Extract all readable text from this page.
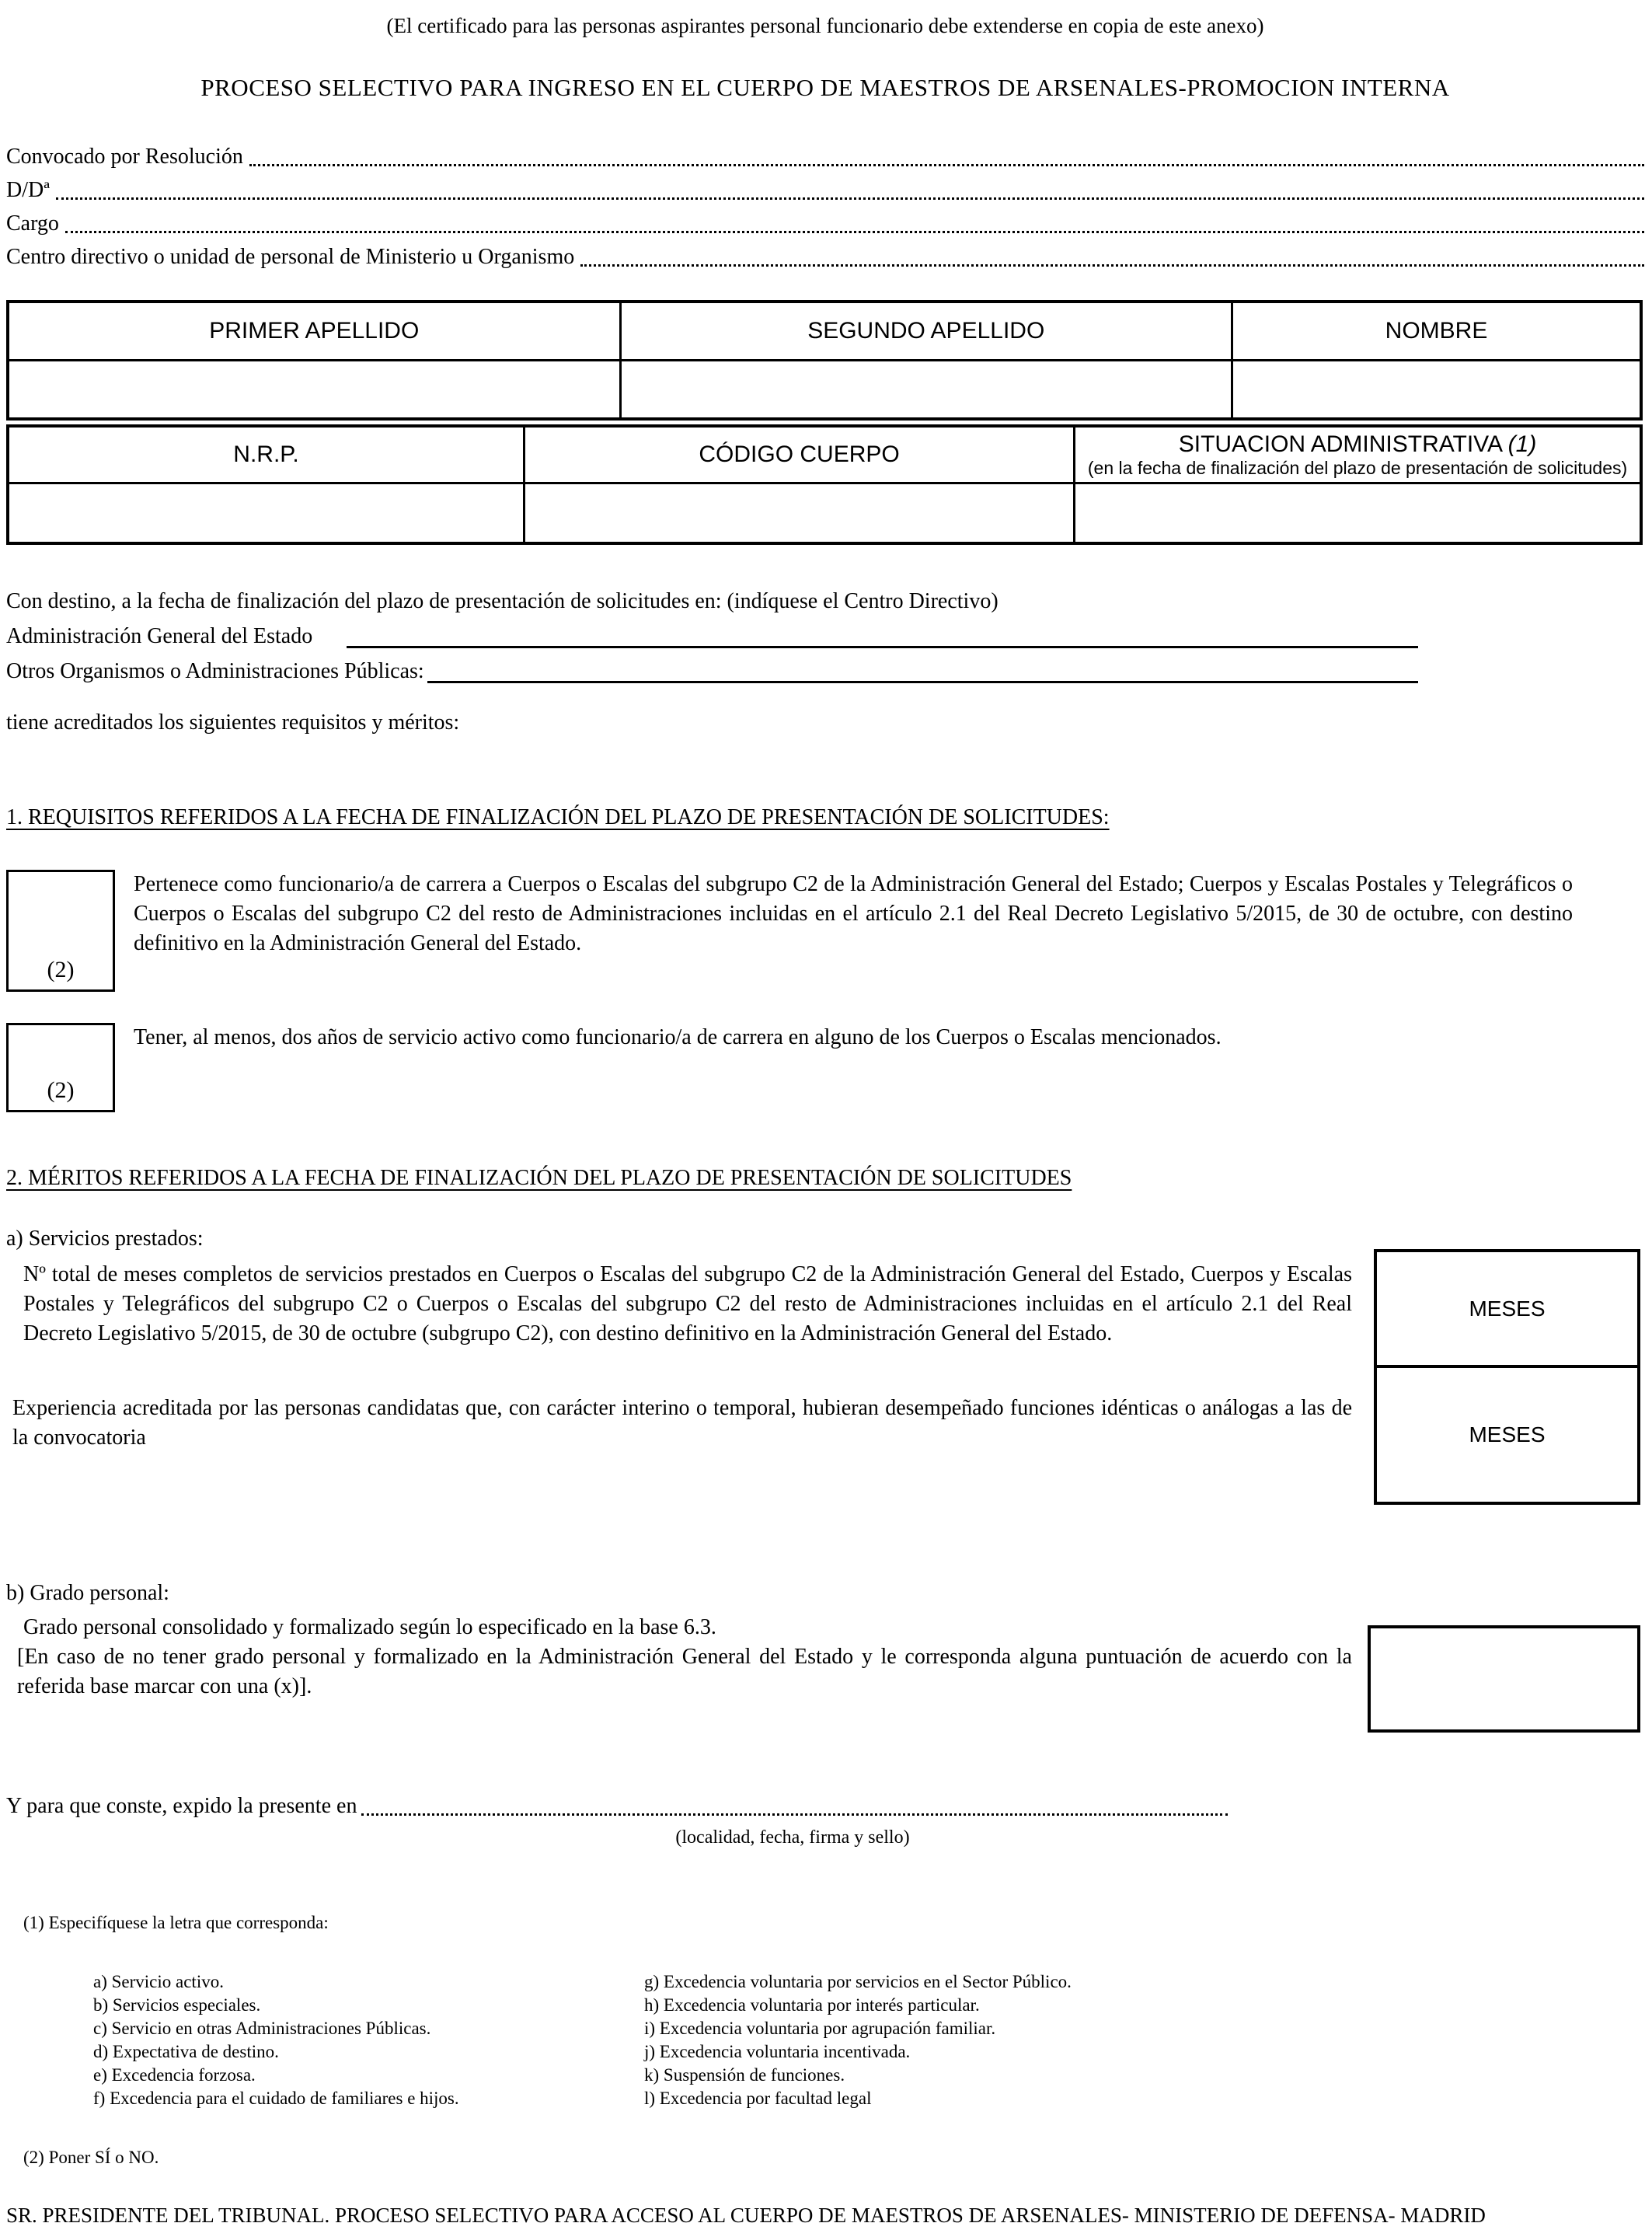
(El certificado para las personas aspirantes personal funcionario debe extenderse en copia de este anexo)
PROCESO SELECTIVO PARA INGRESO EN EL CUERPO DE MAESTROS DE ARSENALES-PROMOCION INTERNA
Convocado por Resolución
D/Dª
Cargo
Centro directivo o unidad de personal de Ministerio u Organismo
PRIMER APELLIDO	SEGUNDO APELLIDO	NOMBRE

N.R.P.	CÓDIGO CUERPO	SITUACION ADMINISTRATIVA (1)
(en la fecha de finalización del plazo de presentación de solicitudes)

Con destino, a la fecha de finalización del plazo de presentación de solicitudes en: (indíquese el Centro Directivo)
Administración General del Estado
Otros Organismos o Administraciones Públicas:
tiene acreditados los siguientes requisitos y méritos:
1. REQUISITOS REFERIDOS A LA FECHA DE FINALIZACIÓN DEL PLAZO DE PRESENTACIÓN DE SOLICITUDES:
(2)
Pertenece como funcionario/a de carrera a Cuerpos o Escalas del subgrupo C2 de la Administración General del Estado; Cuerpos y Escalas Postales y Telegráficos o Cuerpos o Escalas del subgrupo C2 del resto de Administraciones incluidas en el artículo 2.1 del Real Decreto Legislativo 5/2015, de 30 de octubre, con destino definitivo en la Administración General del Estado.
(2)
Tener, al menos, dos años de servicio activo como funcionario/a de carrera en alguno de los Cuerpos o Escalas mencionados.
2. MÉRITOS REFERIDOS A LA FECHA DE FINALIZACIÓN DEL PLAZO DE PRESENTACIÓN DE SOLICITUDES
a) Servicios prestados:
Nº total de meses completos de servicios prestados en Cuerpos o Escalas del subgrupo C2 de la Administración General del Estado, Cuerpos y Escalas Postales y Telegráficos del subgrupo C2 o Cuerpos o Escalas del subgrupo C2 del resto de Administraciones incluidas en el artículo 2.1 del Real Decreto Legislativo 5/2015, de 30 de octubre (subgrupo C2), con destino definitivo en la Administración General del Estado.
Experiencia acreditada por las personas candidatas que, con carácter interino o temporal, hubieran desempeñado funciones idénticas o análogas a las de la convocatoria
MESES
MESES
b) Grado personal:
Grado personal consolidado y formalizado según lo especificado en la base 6.3.
[En caso de no tener grado personal y formalizado en la Administración General del Estado y le corresponda alguna puntuación de acuerdo con la referida base marcar con una (x)].
Y para que conste, expido la presente en
(localidad, fecha, firma y sello)
(1) Especifíquese la letra que corresponda:
a) Servicio activo.
b) Servicios especiales.
c) Servicio en otras Administraciones Públicas.
d) Expectativa de destino.
e) Excedencia forzosa.
f) Excedencia para el cuidado de familiares e hijos.
g) Excedencia voluntaria por servicios en el Sector Público.
h) Excedencia voluntaria por interés particular.
i) Excedencia voluntaria por agrupación familiar.
j) Excedencia voluntaria incentivada.
k) Suspensión de funciones.
l) Excedencia por facultad legal
(2) Poner SÍ o NO.
SR. PRESIDENTE DEL TRIBUNAL. PROCESO SELECTIVO PARA ACCESO AL CUERPO DE MAESTROS DE ARSENALES- MINISTERIO DE DEFENSA- MADRID
